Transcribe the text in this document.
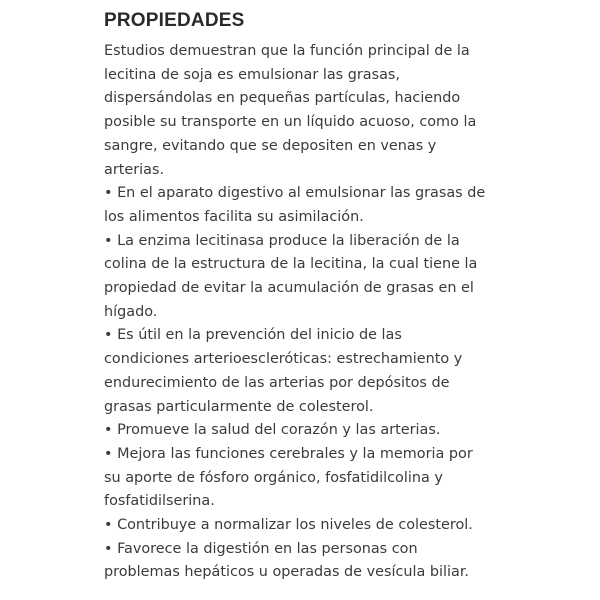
PROPIEDADES

Estudios demuestran que la función principal de la
lecitina de soja es emulsionar las grasas,
dispersándolas en pequeñas partículas, haciendo
posible su transporte en un líquido acuoso, como la
sangre, evitando que se depositen en venas y
arterias.
• En el aparato digestivo al emulsionar las grasas de
los alimentos facilita su asimilación.
• La enzima lecitinasa produce la liberación de la
colina de la estructura de la lecitina, la cual tiene la
propiedad de evitar la acumulación de grasas en el
hígado.
• Es útil en la prevención del inicio de las
condiciones arterioescleróticas: estrechamiento y
endurecimiento de las arterias por depósitos de
grasas particularmente de colesterol.
• Promueve la salud del corazón y las arterias.
• Mejora las funciones cerebrales y la memoria por
su aporte de fósforo orgánico, fosfatidilcolina y
fosfatidilserina.
• Contribuye a normalizar los niveles de colesterol.
• Favorece la digestión en las personas con
problemas hepáticos u operadas de vesícula biliar.
